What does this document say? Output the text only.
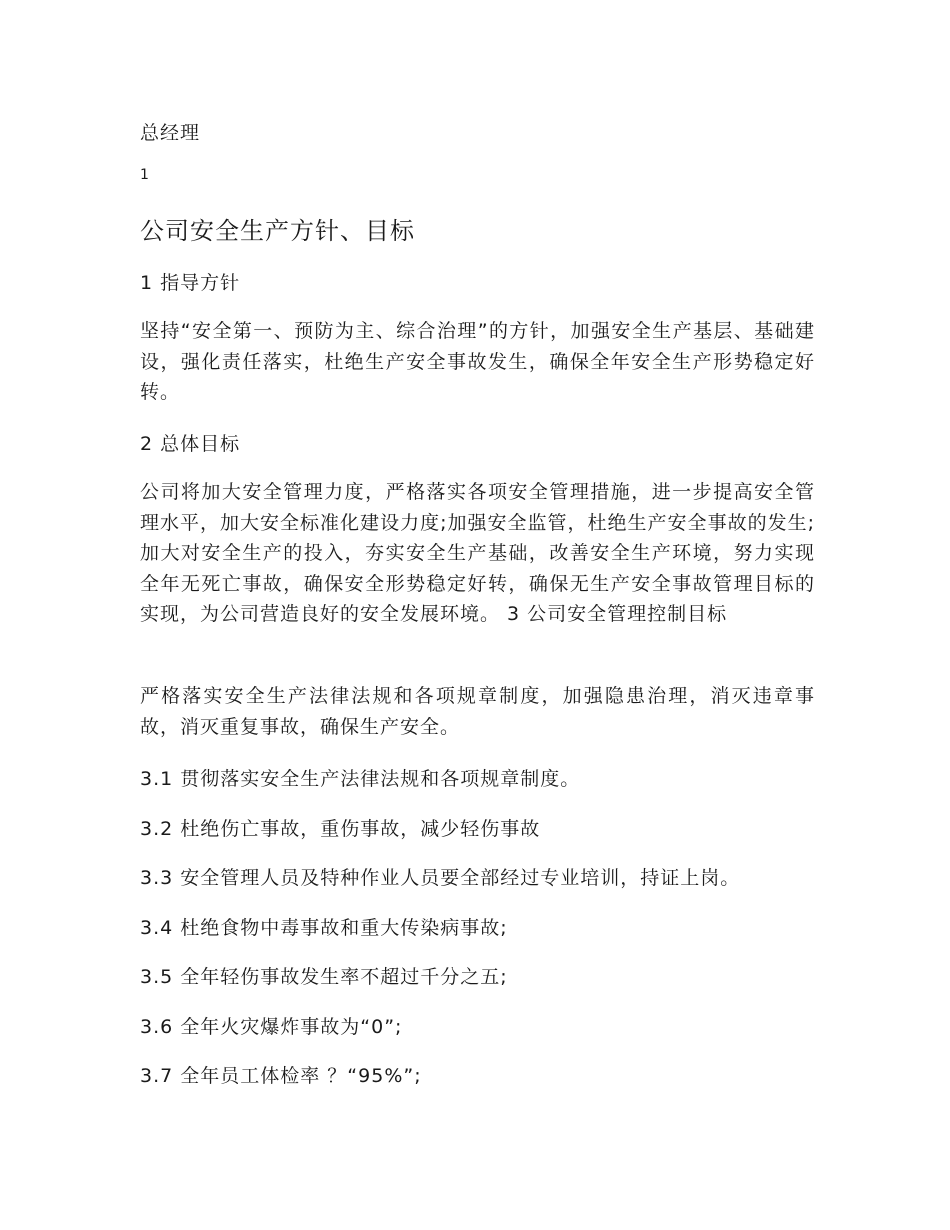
总经理
1
公司安全生产方针、目标
1 指导方针
坚持“安全第一、预防为主、综合治理”的方针，加强安全生产基层、基础建设，强化责任落实，杜绝生产安全事故发生，确保全年安全生产形势稳定好转。
2 总体目标
公司将加大安全管理力度，严格落实各项安全管理措施，进一步提高安全管理水平，加大安全标准化建设力度;加强安全监管，杜绝生产安全事故的发生;加大对安全生产的投入，夯实安全生产基础，改善安全生产环境，努力实现全年无死亡事故，确保安全形势稳定好转，确保无生产安全事故管理目标的实现，为公司营造良好的安全发展环境。 3 公司安全管理控制目标
严格落实安全生产法律法规和各项规章制度，加强隐患治理，消灭违章事故，消灭重复事故，确保生产安全。
3.1 贯彻落实安全生产法律法规和各项规章制度。
3.2 杜绝伤亡事故，重伤事故，减少轻伤事故
3.3 安全管理人员及特种作业人员要全部经过专业培训，持证上岗。
3.4 杜绝食物中毒事故和重大传染病事故;
3.5 全年轻伤事故发生率不超过千分之五;
3.6 全年火灾爆炸事故为“0”;
3.7 全年员工体检率 ？“95%”;
